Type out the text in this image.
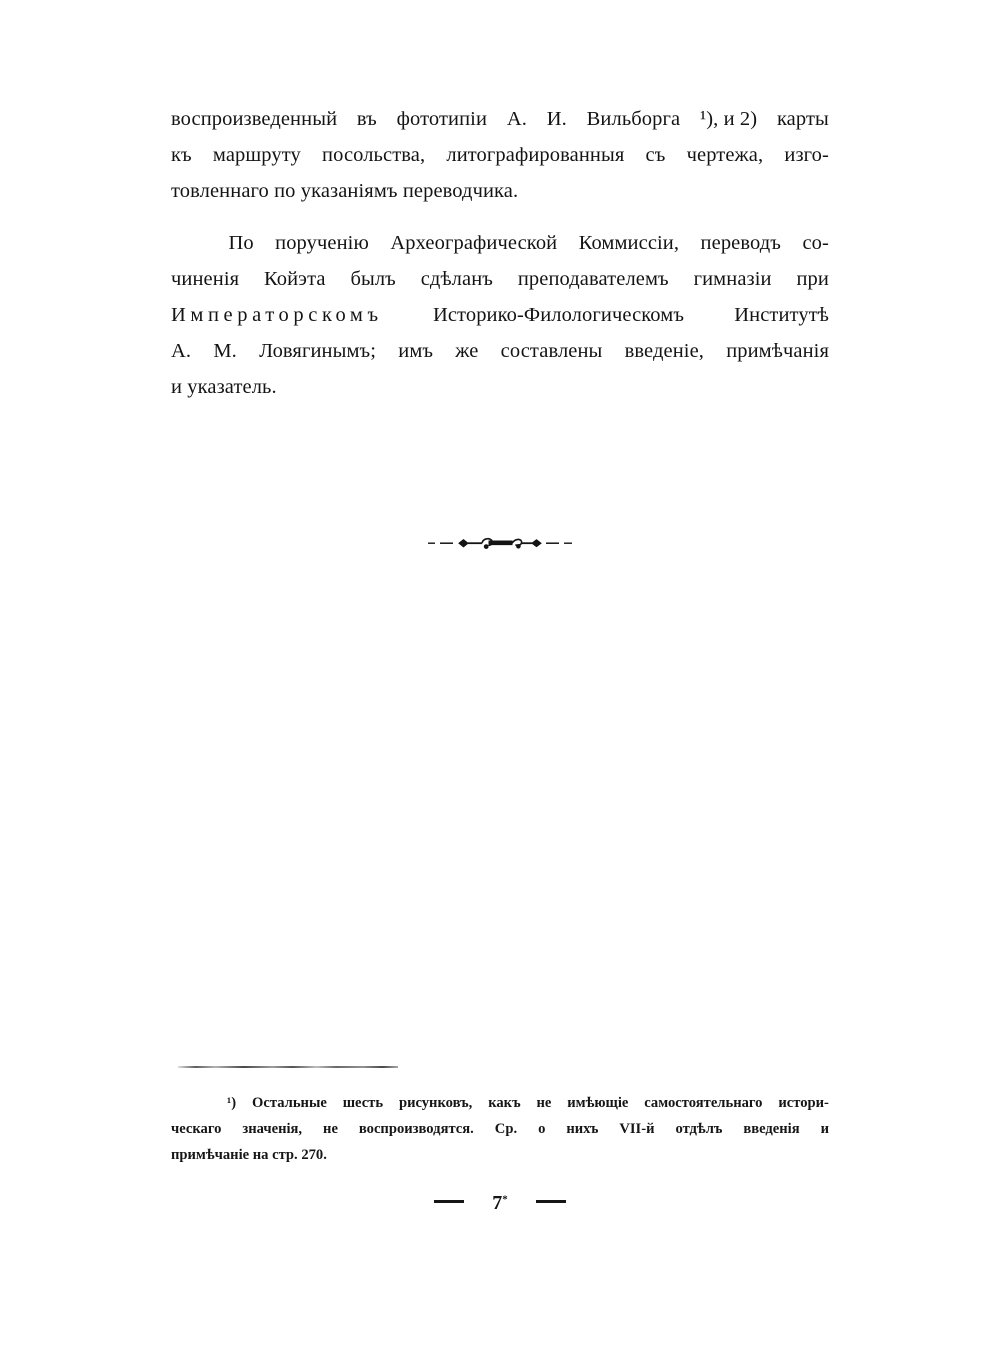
воспроизведенный въ фототипіи А. И. Вильборга ¹), и 2) карты
къ маршруту посольства, литографированныя съ чертежа, изго-
товленнаго по указаніямъ переводчика.

По порученію Археографической Коммиссіи, переводъ со-
чиненія Койэта былъ сдѣланъ преподавателемъ гимназіи при
Императорскомъ Историко-Филологическомъ Институтѣ
А. М. Ловягинымъ; имъ же составлены введеніе, примѣчанія
и указатель.

¹) Остальные шесть рисунковъ, какъ не имѣющіе самостоятельнаго истори-
ческаго значенія, не воспроизводятся. Ср. о нихъ VII-й отдѣлъ введенія и
примѣчаніе на стр. 270.
7*
